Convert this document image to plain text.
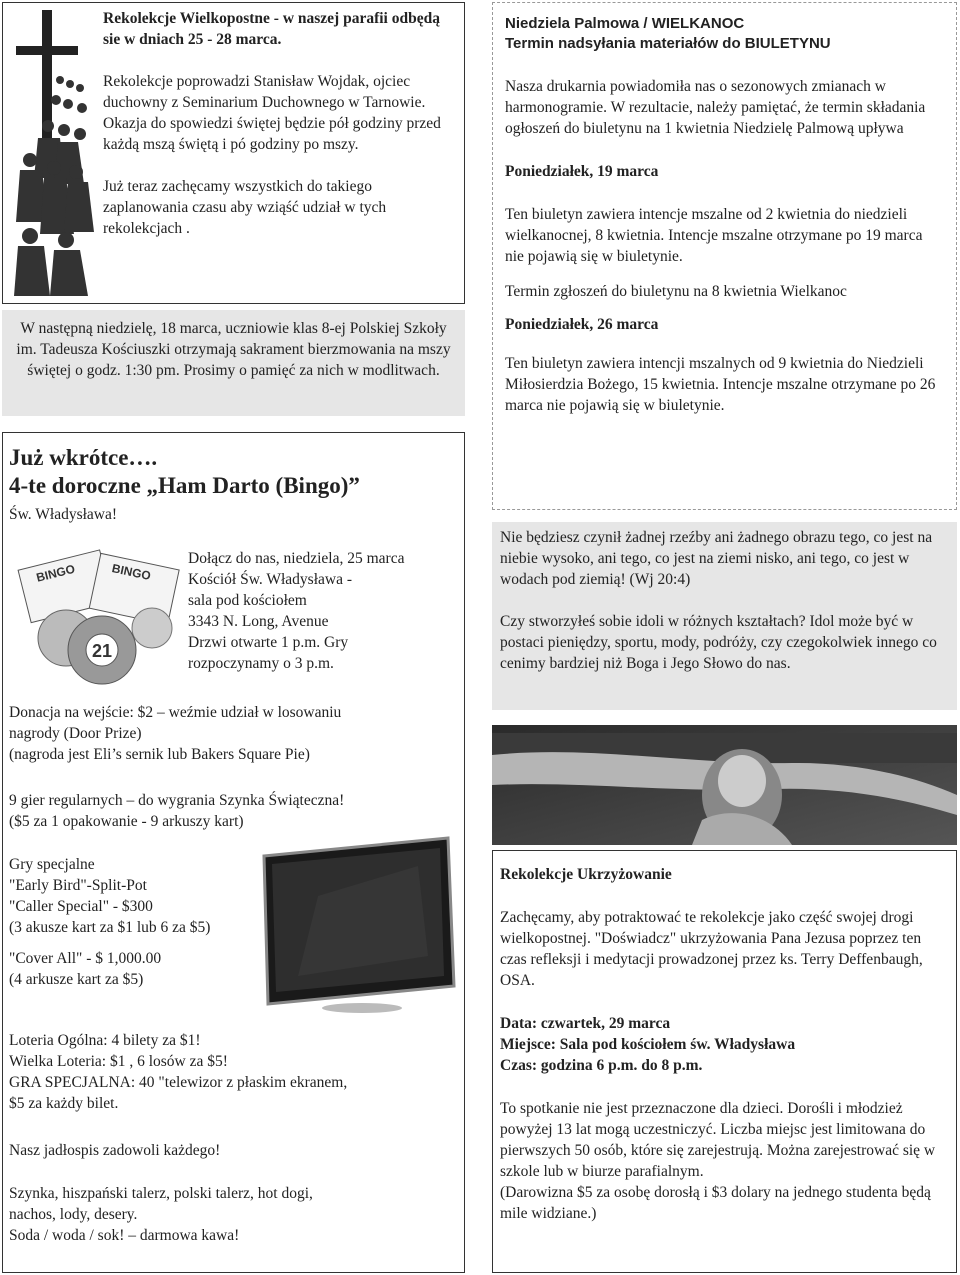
Rekolekcje Wielkopostne - w naszej parafii odbędą sie w dniach 25 - 28 marca.

Rekolekcje poprowadzi Stanisław Wojdak, ojciec duchowny z Seminarium Duchownego w Tarnowie.

Okazja do spowiedzi świętej będzie pół godziny przed każdą mszą świętą i pó godziny po mszy.

Już teraz zachęcamy wszystkich do takiego zaplanowania czasu aby wziąść udział w tych rekolekcjach .

W następną niedzielę, 18 marca, uczniowie klas 8-ej Polskiej Szkoły im. Tadeusza Kościuszki otrzymają sakrament bierzmowania na mszy świętej o godz. 1:30 pm. Prosimy o pamięć za nich w modlitwach.

Już wkrótce….
4-te doroczne „Ham Darto (Bingo)”
Św. Władysława!
BINGO	BINGO
21
Dołącz do nas, niedziela, 25 marca
Kościół Św. Władysława -
sala pod kościołem
3343 N. Long, Avenue
Drzwi otwarte 1 p.m. Gry
rozpoczynamy o 3 p.m.
Donacja na wejście: $2 – weźmie udział w losowaniu
nagrody (Door Prize)
(nagroda jest Eli’s sernik lub Bakers Square Pie)
9 gier regularnych – do wygrania Szynka Świąteczna!
($5 za 1 opakowanie - 9 arkuszy kart)
Gry specjalne
"Early Bird"-Split-Pot
"Caller Special" - $300
(3 akusze kart za $1 lub 6 za $5)
"Cover All" - $ 1,000.00
(4 arkusze kart za $5)
Loteria Ogólna: 4 bilety za $1!
Wielka Loteria: $1 , 6 losów za $5!
GRA SPECJALNA: 40 "telewizor z płaskim ekranem,
$5 za każdy bilet.
Nasz jadłospis zadowoli każdego!
Szynka, hiszpański talerz, polski talerz, hot dogi,
nachos, lody, desery.
Soda / woda / sok! – darmowa kawa!
Niedziela Palmowa / WIELKANOC
Termin nadsyłania materiałów do BIULETYNU

Nasza drukarnia powiadomiła nas o sezonowych zmianach w harmonogramie. W rezultacie, należy pamiętać, że termin składania ogłoszeń do biuletynu na 1 kwietnia Niedzielę Palmową upływa

Poniedziałek, 19 marca

Ten biuletyn zawiera intencje mszalne od 2 kwietnia do niedzieli wielkanocnej, 8 kwietnia. Intencje mszalne otrzymane po 19 marca nie pojawią się w biuletynie.

Termin zgłoszeń do biuletynu na 8 kwietnia Wielkanoc

Poniedziałek, 26 marca

Ten biuletyn zawiera intencji mszalnych od 9 kwietnia do Niedzieli Miłosierdzia Bożego, 15 kwietnia. Intencje mszalne otrzymane po 26 marca nie pojawią się w biuletynie.

Nie będziesz czynił żadnej rzeźby ani żadnego obrazu tego, co jest na niebie wysoko, ani tego, co jest na ziemi nisko, ani tego, co jest w wodach pod ziemią! (Wj 20:4)

Czy stworzyłeś sobie idoli w różnych kształtach? Idol może być w postaci pieniędzy, sportu, mody, podróży, czy czegokolwiek innego co cenimy bardziej niż Boga i Jego Słowo do nas.

Rekolekcje Ukrzyżowanie

Zachęcamy, aby potraktować te rekolekcje jako część swojej drogi wielkopostnej. "Doświadcz" ukrzyżowania Pana Jezusa poprzez ten czas refleksji i medytacji prowadzonej przez ks. Terry Deffenbaugh, OSA.

Data: czwartek, 29 marca

Miejsce: Sala pod kościołem św. Władysława

Czas: godzina 6 p.m. do 8 p.m.

To spotkanie nie jest przeznaczone dla dzieci. Dorośli i młodzież powyżej 13 lat mogą uczestniczyć. Liczba miejsc jest limitowana do pierwszych 50 osób, które się zarejestrują. Można zarejestrować się w szkole lub w biurze parafialnym.

(Darowizna $5 za osobę dorosłą i $3 dolary na jednego studenta będą mile widziane.)
